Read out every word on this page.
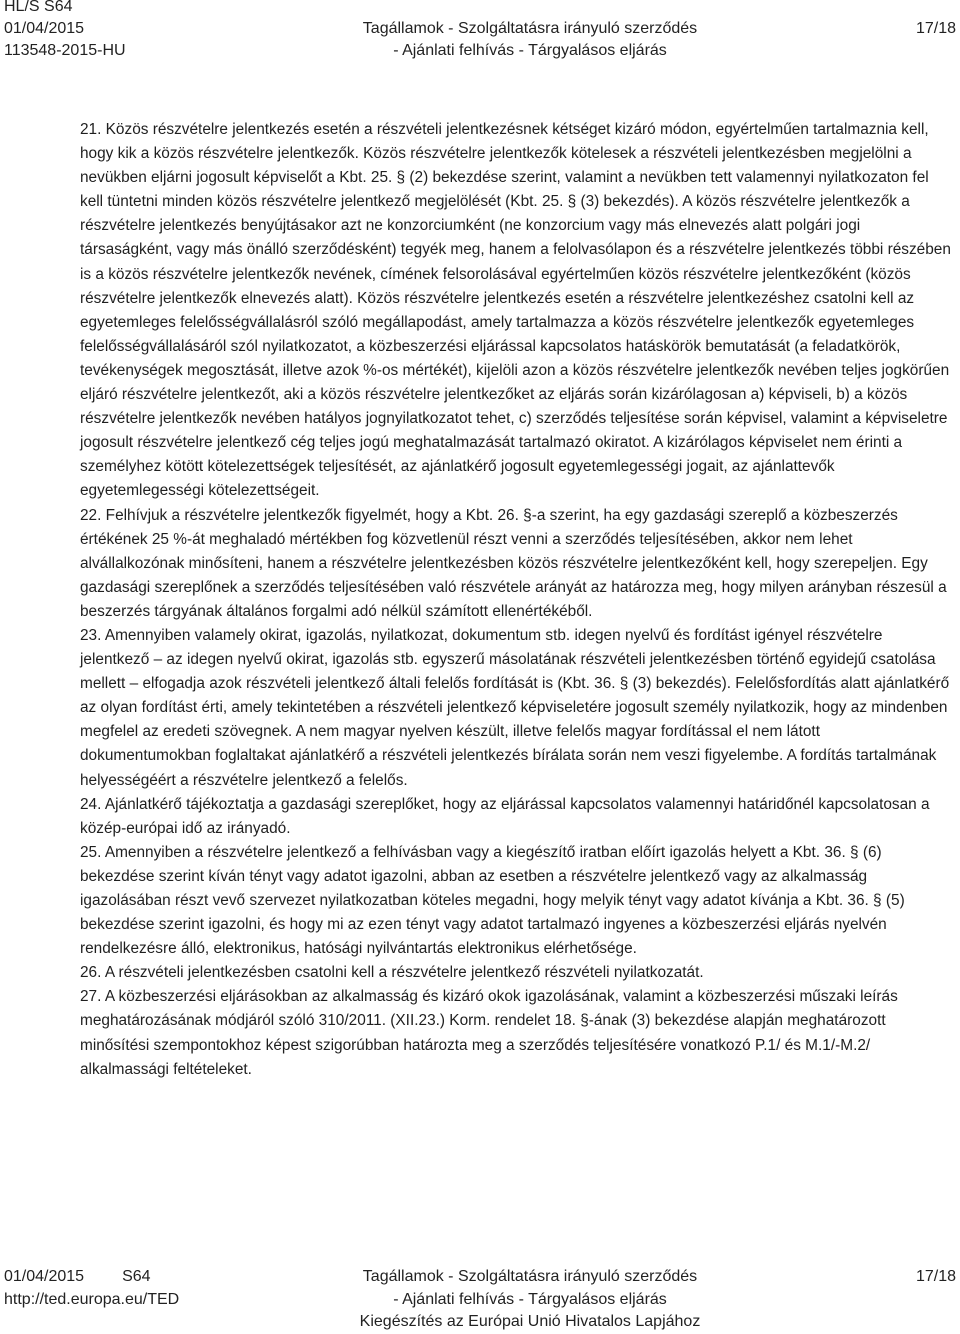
HL/S S64
01/04/2015
113548-2015-HU
Tagállamok - Szolgáltatásra irányuló szerződés
- Ajánlati felhívás - Tárgyalásos eljárás
17/18

21. Közös részvételre jelentkezés esetén a részvételi jelentkezésnek kétséget kizáró módon, egyértelműen tartalmaznia kell, hogy kik a közös részvételre jelentkezők. Közös részvételre jelentkezők kötelesek a részvételi jelentkezésben megjelölni a nevükben eljárni jogosult képviselőt a Kbt. 25. § (2) bekezdése szerint, valamint a nevükben tett valamennyi nyilatkozaton fel kell tüntetni minden közös részvételre jelentkező megjelölését (Kbt. 25. § (3) bekezdés). A közös részvételre jelentkezők a részvételre jelentkezés benyújtásakor azt ne konzorciumként (ne konzorcium vagy más elnevezés alatt polgári jogi társaságként, vagy más önálló szerződésként) tegyék meg, hanem a felolvasólapon és a részvételre jelentkezés többi részében is a közös részvételre jelentkezők nevének, címének felsorolásával egyértelműen közös részvételre jelentkezőként (közös részvételre jelentkezők elnevezés alatt). Közös részvételre jelentkezés esetén a részvételre jelentkezéshez csatolni kell az egyetemleges felelősségvállalásról szóló megállapodást, amely tartalmazza a közös részvételre jelentkezők egyetemleges felelősségvállalásáról szól nyilatkozatot, a közbeszerzési eljárással kapcsolatos hatáskörök bemutatását (a feladatkörök, tevékenységek megosztását, illetve azok %-os mértékét), kijelöli azon a közös részvételre jelentkezők nevében teljes jogkörűen eljáró részvételre jelentkezőt, aki a közös részvételre jelentkezőket az eljárás során kizárólagosan a) képviseli, b) a közös részvételre jelentkezők nevében hatályos jognyilatkozatot tehet, c) szerződés teljesítése során képvisel, valamint a képviseletre jogosult részvételre jelentkező cég teljes jogú meghatalmazását tartalmazó okiratot. A kizárólagos képviselet nem érinti a személyhez kötött kötelezettségek teljesítését, az ajánlatkérő jogosult egyetemlegességi jogait, az ajánlattevők egyetemlegességi kötelezettségeit.

22. Felhívjuk a részvételre jelentkezők figyelmét, hogy a Kbt. 26. §-a szerint, ha egy gazdasági szereplő a közbeszerzés értékének 25 %-át meghaladó mértékben fog közvetlenül részt venni a szerződés teljesítésében, akkor nem lehet alvállalkozónak minősíteni, hanem a részvételre jelentkezésben közös részvételre jelentkezőként kell, hogy szerepeljen. Egy gazdasági szereplőnek a szerződés teljesítésében való részvétele arányát az határozza meg, hogy milyen arányban részesül a beszerzés tárgyának általános forgalmi adó nélkül számított ellenértékéből.

23. Amennyiben valamely okirat, igazolás, nyilatkozat, dokumentum stb. idegen nyelvű és fordítást igényel részvételre jelentkező – az idegen nyelvű okirat, igazolás stb. egyszerű másolatának részvételi jelentkezésben történő egyidejű csatolása mellett – elfogadja azok részvételi jelentkező általi felelős fordítását is (Kbt. 36. § (3) bekezdés). Felelősfordítás alatt ajánlatkérő az olyan fordítást érti, amely tekintetében a részvételi jelentkező képviseletére jogosult személy nyilatkozik, hogy az mindenben megfelel az eredeti szövegnek. A nem magyar nyelven készült, illetve felelős magyar fordítással el nem látott dokumentumokban foglaltakat ajánlatkérő a részvételi jelentkezés bírálata során nem veszi figyelembe. A fordítás tartalmának helyességéért a részvételre jelentkező a felelős.

24. Ajánlatkérő tájékoztatja a gazdasági szereplőket, hogy az eljárással kapcsolatos valamennyi határidőnél kapcsolatosan a közép-európai idő az irányadó.

25. Amennyiben a részvételre jelentkező a felhívásban vagy a kiegészítő iratban előírt igazolás helyett a Kbt. 36. § (6) bekezdése szerint kíván tényt vagy adatot igazolni, abban az esetben a részvételre jelentkező vagy az alkalmasság igazolásában részt vevő szervezet nyilatkozatban köteles megadni, hogy melyik tényt vagy adatot kívánja a Kbt. 36. § (5) bekezdése szerint igazolni, és hogy mi az ezen tényt vagy adatot tartalmazó ingyenes a közbeszerzési eljárás nyelvén rendelkezésre álló, elektronikus, hatósági nyilvántartás elektronikus elérhetősége.

26. A részvételi jelentkezésben csatolni kell a részvételre jelentkező részvételi nyilatkozatát.

27. A közbeszerzési eljárásokban az alkalmasság és kizáró okok igazolásának, valamint a közbeszerzési műszaki leírás meghatározásának módjáról szóló 310/2011. (XII.23.) Korm. rendelet 18. §-ának (3) bekezdése alapján meghatározott minősítési szempontokhoz képest szigorúbban határozta meg a szerződés teljesítésére vonatkozó P.1/ és M.1/-M.2/ alkalmassági feltételeket.

01/04/2015 S64
http://ted.europa.eu/TED
Tagállamok - Szolgáltatásra irányuló szerződés
- Ajánlati felhívás - Tárgyalásos eljárás
Kiegészítés az Európai Unió Hivatalos Lapjához
17/18
